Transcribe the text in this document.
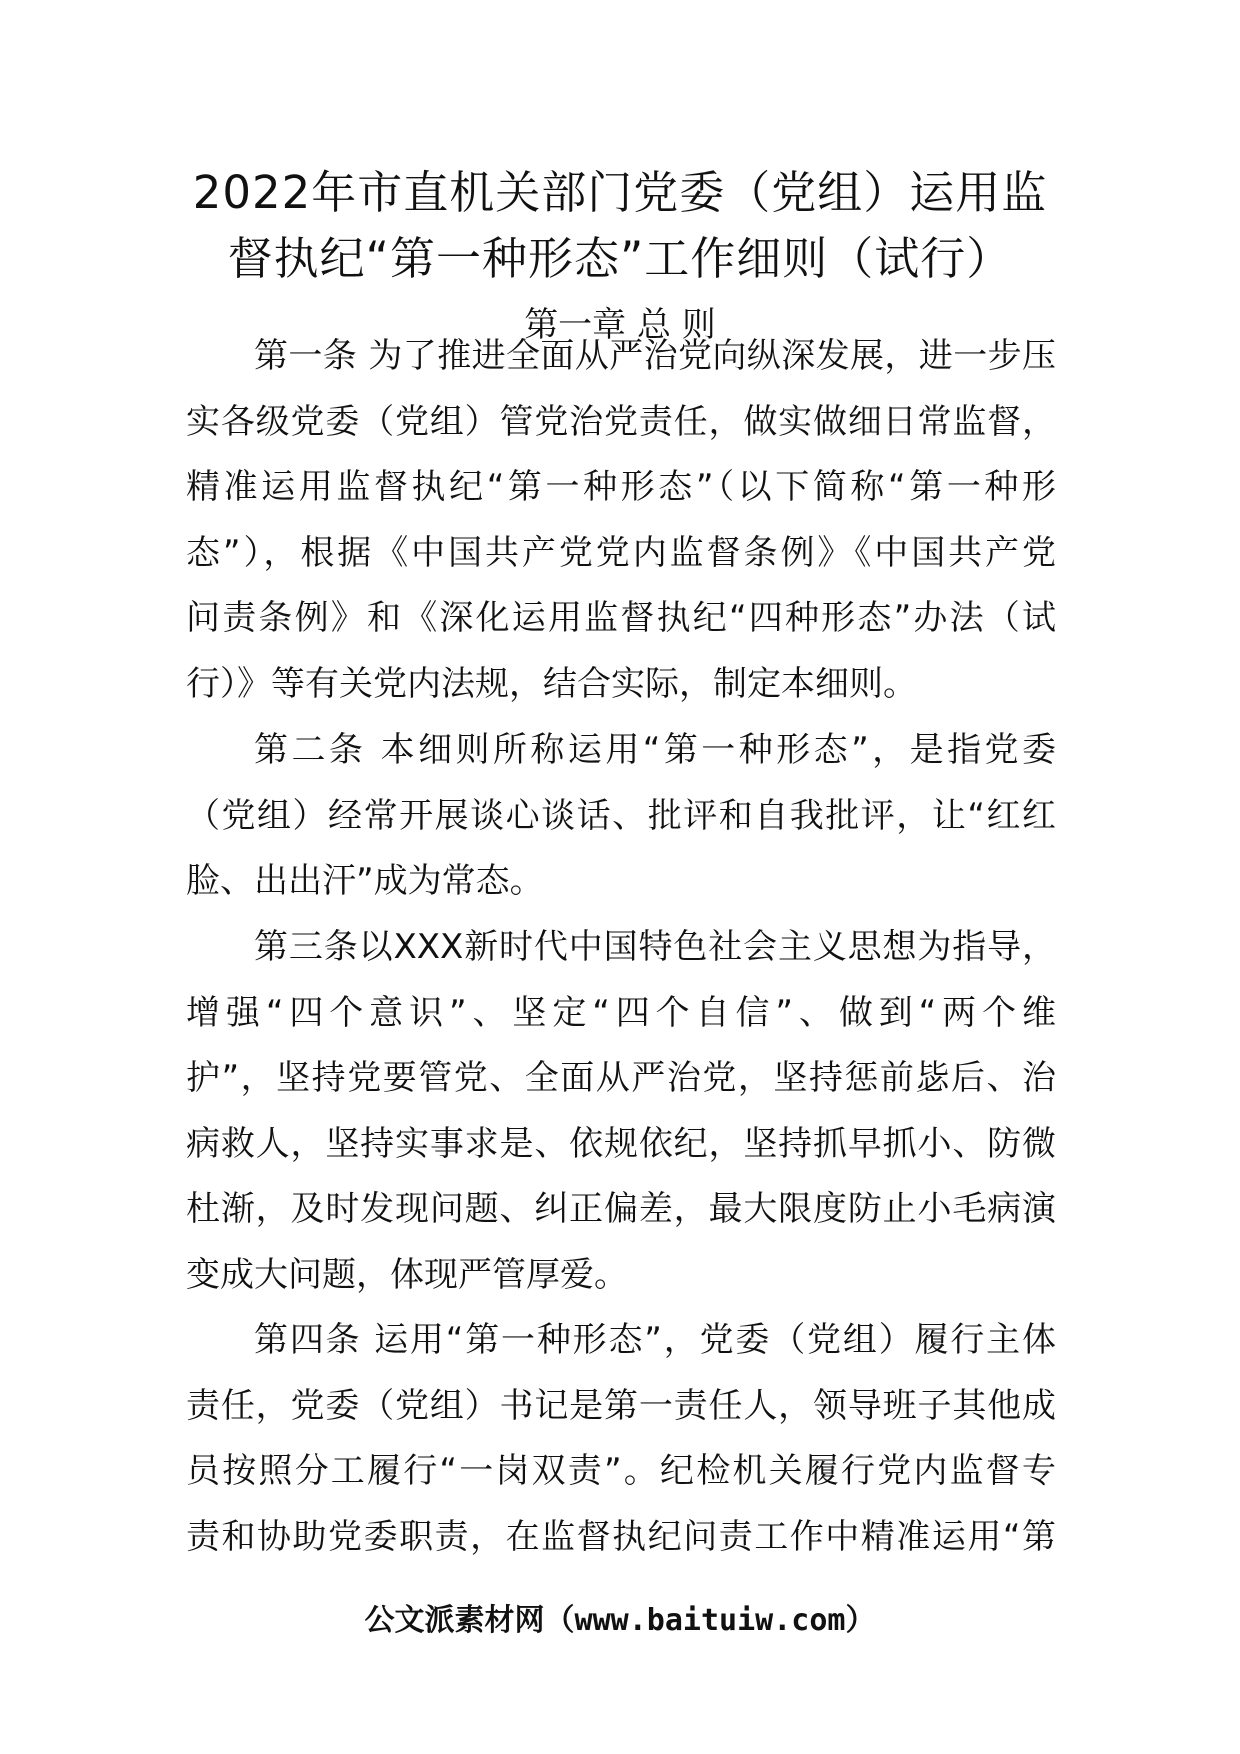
2022年市直机关部门党委（党组）运用监
督执纪“第一种形态”工作细则（试行）
第一章 总 则

第一条 为了推进全面从严治党向纵深发展，进一步压
实各级党委（党组）管党治党责任，做实做细日常监督，
精准运用监督执纪“第一种形态”（以下简称“第一种形
态”），根据《中国共产党党内监督条例》《中国共产党
问责条例》和《深化运用监督执纪“四种形态”办法（试
行）》等有关党内法规，结合实际，制定本细则。

第二条 本细则所称运用“第一种形态”，是指党委
（党组）经常开展谈心谈话、批评和自我批评，让“红红
脸、出出汗”成为常态。

第三条以XXX新时代中国特色社会主义思想为指导，
增强“四个意识”、坚定“四个自信”、做到“两个维
护”，坚持党要管党、全面从严治党，坚持惩前毖后、治
病救人，坚持实事求是、依规依纪，坚持抓早抓小、防微
杜渐，及时发现问题、纠正偏差，最大限度防止小毛病演
变成大问题，体现严管厚爱。

第四条 运用“第一种形态”，党委（党组）履行主体
责任，党委（党组）书记是第一责任人，领导班子其他成
员按照分工履行“一岗双责”。纪检机关履行党内监督专
责和协助党委职责，在监督执纪问责工作中精准运用“第

公文派素材网（www.baituiw.com）
